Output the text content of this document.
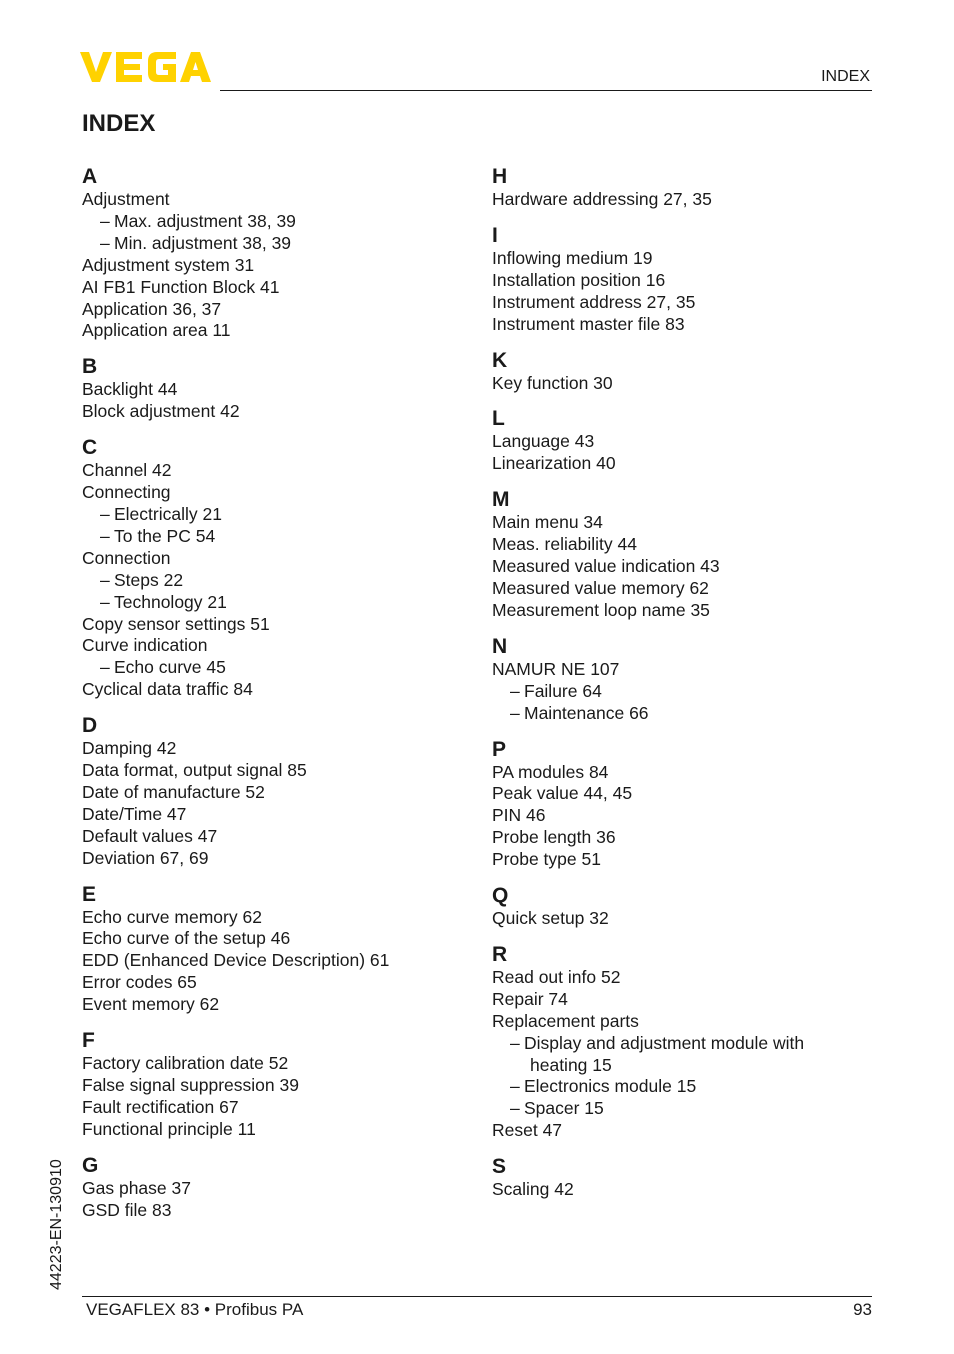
INDEX
INDEX
A
Adjustment
– Max. adjustment 38, 39
– Min. adjustment 38, 39
Adjustment system 31
AI FB1 Function Block 41
Application 36, 37
Application area 11
B
Backlight 44
Block adjustment 42
C
Channel 42
Connecting
– Electrically 21
– To the PC 54
Connection
– Steps 22
– Technology 21
Copy sensor settings 51
Curve indication
– Echo curve 45
Cyclical data traffic 84
D
Damping 42
Data format, output signal 85
Date of manufacture 52
Date/Time 47
Default values 47
Deviation 67, 69
E
Echo curve memory 62
Echo curve of the setup 46
EDD (Enhanced Device Description) 61
Error codes 65
Event memory 62
F
Factory calibration date 52
False signal suppression 39
Fault rectification 67
Functional principle 11
G
Gas phase 37
GSD file 83
H
Hardware addressing 27, 35
I
Inflowing medium 19
Installation position 16
Instrument address 27, 35
Instrument master file 83
K
Key function 30
L
Language 43
Linearization 40
M
Main menu 34
Meas. reliability 44
Measured value indication 43
Measured value memory 62
Measurement loop name 35
N
NAMUR NE 107
– Failure 64
– Maintenance 66
P
PA modules 84
Peak value 44, 45
PIN 46
Probe length 36
Probe type 51
Q
Quick setup 32
R
Read out info 52
Repair 74
Replacement parts
– Display and adjustment module with
heating 15
– Electronics module 15
– Spacer 15
Reset 47
S
Scaling 42
44223-EN-130910
VEGAFLEX 83 • Profibus PA	93
